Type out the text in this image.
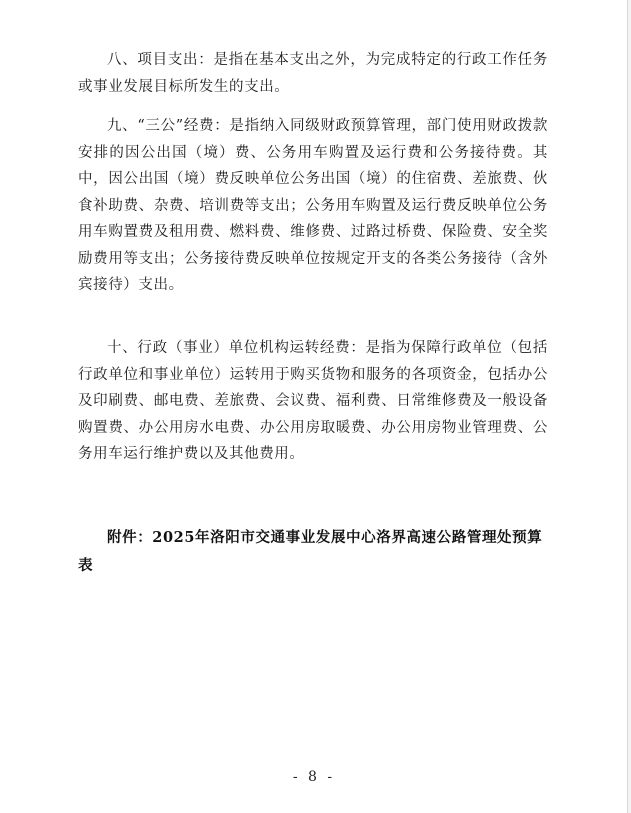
八、项目支出：是指在基本支出之外，为完成特定的行政工作任务或事业发展目标所发生的支出。

九、“三公”经费：是指纳入同级财政预算管理，部门使用财政拨款安排的因公出国（境）费、公务用车购置及运行费和公务接待费。其中，因公出国（境）费反映单位公务出国（境）的住宿费、差旅费、伙食补助费、杂费、培训费等支出；公务用车购置及运行费反映单位公务用车购置费及租用费、燃料费、维修费、过路过桥费、保险费、安全奖励费用等支出；公务接待费反映单位按规定开支的各类公务接待（含外宾接待）支出。

十、行政（事业）单位机构运转经费：是指为保障行政单位（包括行政单位和事业单位）运转用于购买货物和服务的各项资金，包括办公及印刷费、邮电费、差旅费、会议费、福利费、日常维修费及一般设备购置费、办公用房水电费、办公用房取暖费、办公用房物业管理费、公务用车运行维护费以及其他费用。

附件：2025年洛阳市交通事业发展中心洛界高速公路管理处预算表

- 8 -
